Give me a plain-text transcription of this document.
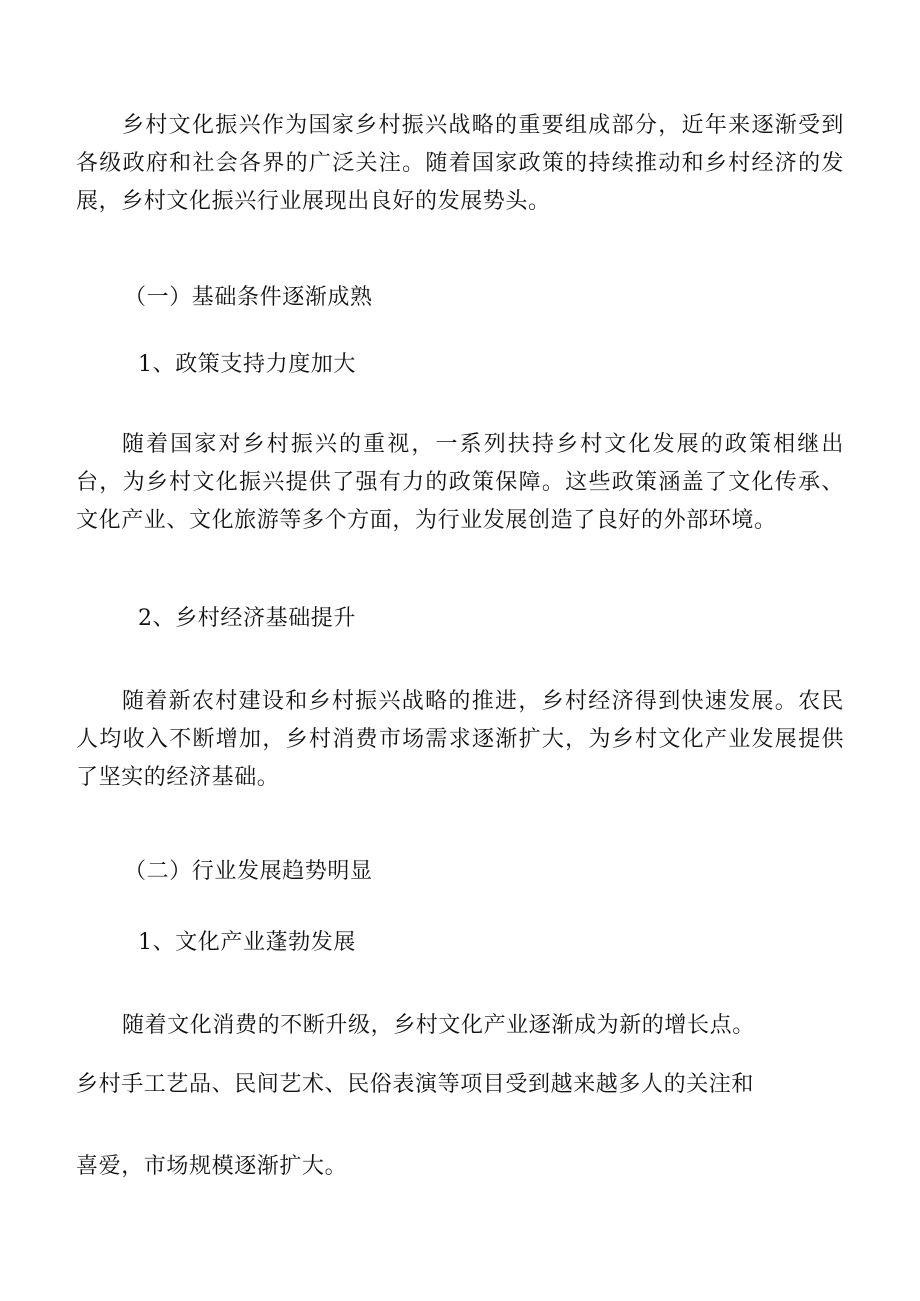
乡村文化振兴作为国家乡村振兴战略的重要组成部分，近年来逐渐受到各级政府和社会各界的广泛关注。随着国家政策的持续推动和乡村经济的发展，乡村文化振兴行业展现出良好的发展势头。

（一）基础条件逐渐成熟

1、政策支持力度加大

随着国家对乡村振兴的重视，一系列扶持乡村文化发展的政策相继出台，为乡村文化振兴提供了强有力的政策保障。这些政策涵盖了文化传承、文化产业、文化旅游等多个方面，为行业发展创造了良好的外部环境。

2、乡村经济基础提升

随着新农村建设和乡村振兴战略的推进，乡村经济得到快速发展。农民人均收入不断增加，乡村消费市场需求逐渐扩大，为乡村文化产业发展提供了坚实的经济基础。

（二）行业发展趋势明显

1、文化产业蓬勃发展

随着文化消费的不断升级，乡村文化产业逐渐成为新的增长点。

乡村手工艺品、民间艺术、民俗表演等项目受到越来越多人的关注和

喜爱，市场规模逐渐扩大。
